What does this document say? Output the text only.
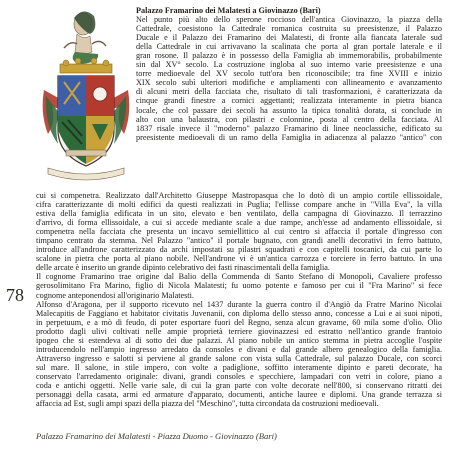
78
Palazzo Framarino dei Malatesti a Giovinazzo (Bari)
Nel punto più alto dello sperone roccioso dell'antica Giovinazzo, la piazza della
Cattedrale, coesistono la Cattedrale romanica costruita su preesistenze, il Palazzo
Ducale e il Palazzo dei Framarino dei Malatesti, di fronte alla fiancata laterale sud
della Cattedrale in cui arrivavano la scalinata che porta al gran portale laterale e il
gran rosone. Il palazzo è in possesso della Famiglia ab immemorabilis, probabilmente
sin dal XV° secolo. La costruzione ingloba al suo interno varie preesistenze e una
torre medioevale del XV secolo tutt'ora ben riconoscibile; tra fine XVIII e inizio
XIX secolo subì ulteriori modifiche e ampliamenti con allineamento e avanzamento
di alcuni metri della facciata che, risultato di tali trasformazioni, è caratterizzata da
cinque grandi finestre a cornici aggettanti; realizzata interamente in pietra bianca
locale, che col passare dei secoli ha assunto la tipica tonalità dorata, si conclude in
alto con una balaustra, con pilastri e colonnine, posta al centro della facciata. Al
1837 risale invece il "moderno" palazzo Framarino di linee neoclassiche, edificato su
preesistente medioevali di un ramo della Famiglia in adiacenza al palazzo "antico" con
cui si compenetra. Realizzato dall'Architetto Giuseppe Mastropasqua che lo dotò di un ampio cortile ellissoidale,
cifra caratterizzante di molti edifici da questi realizzati in Puglia; l'ellisse compare anche in "Villa Eva", la villa
estiva della famiglia edificata in un sito, elevato e ben ventilato, della campagna di Giovinazzo. Il terrazzino
d'arrivo, di forma ellissoidale, a cui si accede mediante scale a due rampe, anch'esse ad andamento ellissoidale, si
compenetra nella facciata che presenta un incavo semiellittico al cui centro si affaccia il portale d'ingresso con
timpano centrato da stemma. Nel Palazzo "antico" il portale bugnato, con grandi anelli decorativi in ferro battuto,
introduce all'androne caratterizzato da archi impostati su pilastri squadrati e con capitelli toscanici, da cui parte lo
scalone in pietra che porta al piano nobile. Nell'androne vi è un'antica carrozza e torciere in ferro battuto. In una
delle arcate è inserito un grande dipinto celebrativo dei fasti rinascimentali della famiglia.
Il cognome Framarino trae origine dal Balio della Commenda di Santo Stefano di Monopoli, Cavaliere professo
gerosolimitano Fra Marino, figlio di Nicola Malatesti; fu uomo potente e famoso per cui il "Fra Marino" si fece
cognome anteponendosi all'originario Malatesti.
Alfonso d'Aragona, per il supporto ricevuto nel 1437 durante la guerra contro il d'Angiò da Fratre Marino Nicolai
Malecapitis de Faggiano et habitator civitatis Juvenanii, con diploma dello stesso anno, concesse a Lui e ai suoi nipoti,
in perpetuum, e a mò di feudo, di poter esportare fuori del Regno, senza alcun gravame, 60 mila some d'olio. Olio
prodotto dagli ulivi coltivati nelle ampie proprietà terriere giovinazzesi ed estratto nell'antico grande frantoio
ipogeo che si estendeva al di sotto dei due palazzi. Al piano nobile un antico stemma in pietra accoglie l'ospite
introducendolo nell'ampio ingresso arredato da consoles e divani e dal grande albero genealogico della famiglia.
Attraverso ingresso e salotti si perviene al grande salone con vista sulla Cattedrale, sul palazzo Ducale, con scorci
sul mare. Il salone, in stile impero, con volte a padiglione, soffitto interamente dipinto e pareti decorate, ha
conservato l'arredamento originale: divani, grandi consoles e specchiere, lampadari con vetri in colore, piano a
coda e antichi oggetti. Nelle varie sale, di cui la gran parte con volte decorate nell'800, si conservano ritratti dei
personaggi della casata, armi ed armature d'apparato, documenti, antiche lauree e diplomi. Una grande terrazza si
affaccia ad Est, sugli ampi spazi della piazza del "Meschino", tutta circondata da costruzioni medioevali.
Palazzo Framarino dei Malatesti - Piazza Duomo - Giovinazzo (Bari)
